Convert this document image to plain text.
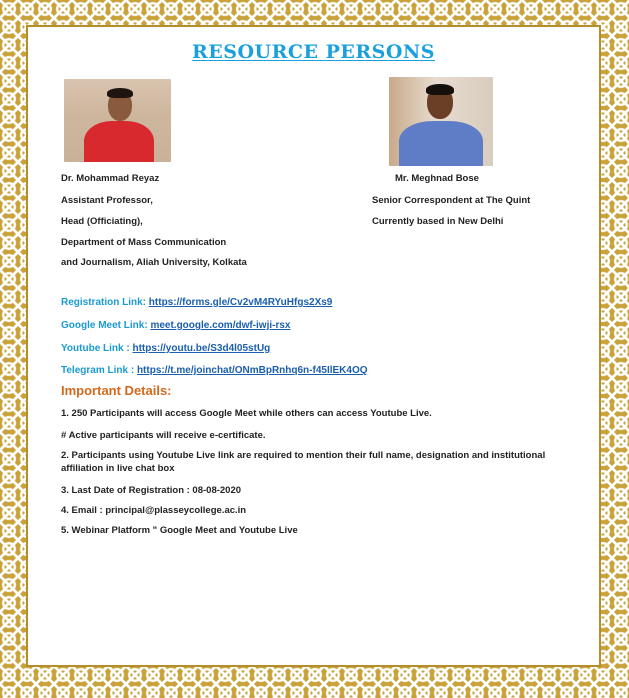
RESOURCE PERSONS
Dr. Mohammad Reyaz
Assistant Professor,
Head (Officiating),
Department of Mass Communication
and Journalism, Aliah University, Kolkata
Mr. Meghnad Bose
Senior Correspondent at The Quint
Currently based in New Delhi
Registration Link: https://forms.gle/Cv2vM4RYuHfgs2Xs9
Google Meet Link: meet.google.com/dwf-iwji-rsx
Youtube Link : https://youtu.be/S3d4l05stUg
Telegram Link : https://t.me/joinchat/ONmBpRnhq6n-f45IlEK4OQ
Important Details:
1. 250 Participants will access Google Meet while others can access Youtube Live.
# Active participants will receive e-certificate.
2. Participants using Youtube Live link are required to mention their full name, designation and institutional affiliation in live chat box
3. Last Date of Registration : 08-08-2020
4. Email : principal@plasseycollege.ac.in
5. Webinar Platform " Google Meet and Youtube Live
